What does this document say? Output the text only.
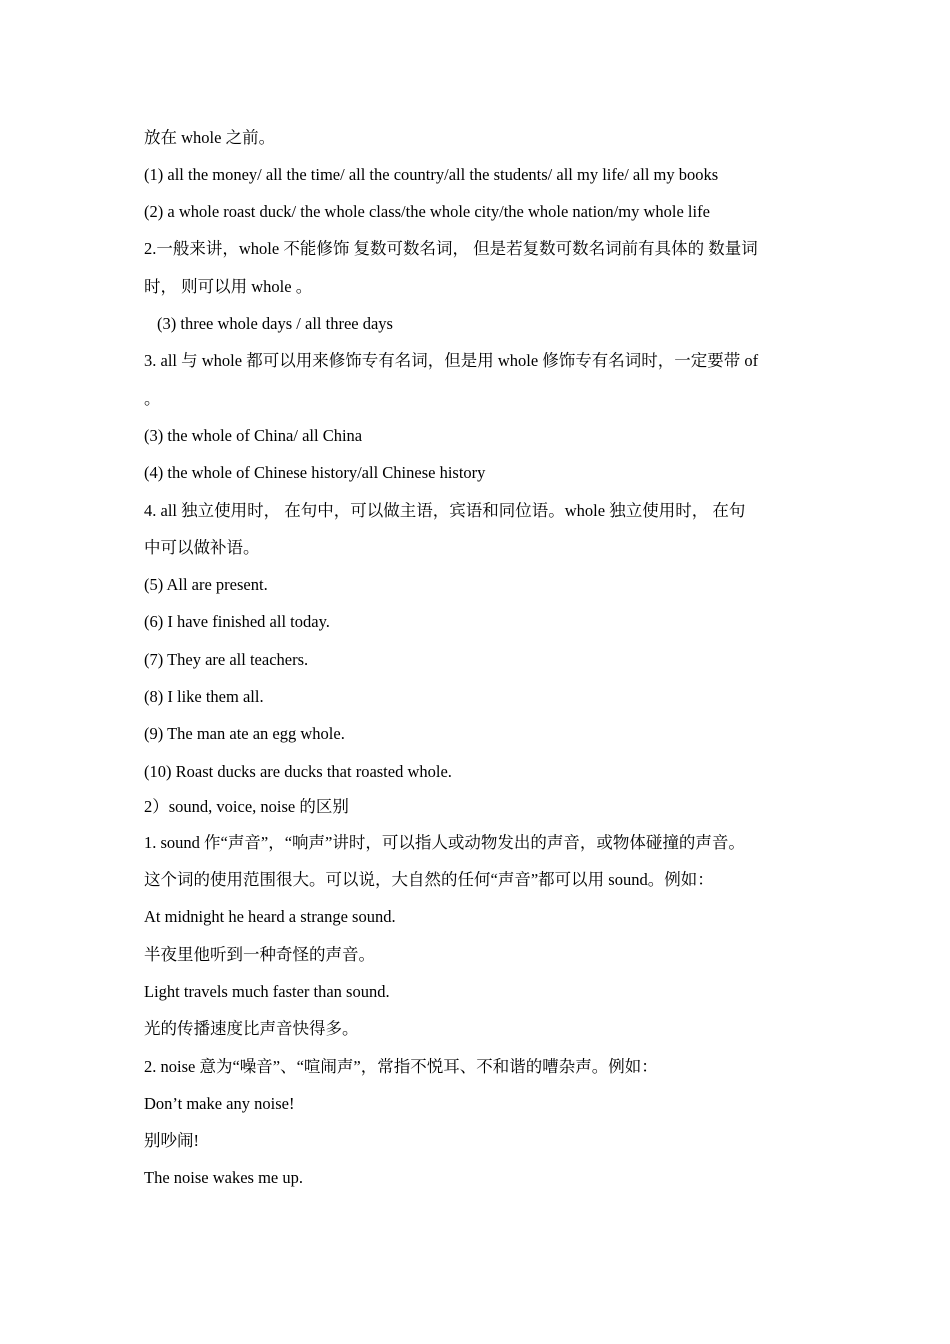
放在 whole 之前。
(1) all the money/ all the time/ all the country/all the students/ all my life/ all my books
(2) a whole roast duck/ the whole class/the whole city/the whole nation/my whole life
2.一般来讲，whole 不能修饰 复数可数名词， 但是若复数可数名词前有具体的 数量词
时， 则可以用 whole 。
(3) three whole days / all three days
3. all 与 whole 都可以用来修饰专有名词，但是用 whole 修饰专有名词时，一定要带 of
。
(3) the whole of China/ all China
(4) the whole of Chinese history/all Chinese history
4. all 独立使用时， 在句中，可以做主语，宾语和同位语。whole 独立使用时， 在句
中可以做补语。
(5) All are present.
(6) I have finished all today.
(7) They are all teachers.
(8) I like them all.
(9) The man ate an egg whole.
(10) Roast ducks are ducks that roasted whole.
2）sound, voice, noise 的区别
1. sound 作“声音”，“响声”讲时，可以指人或动物发出的声音，或物体碰撞的声音。
这个词的使用范围很大。可以说，大自然的任何“声音”都可以用 sound。例如：
At midnight he heard a strange sound.
半夜里他听到一种奇怪的声音。
Light travels much faster than sound.
光的传播速度比声音快得多。
2. noise 意为“噪音”、“喧闹声”，常指不悦耳、不和谐的嘈杂声。例如：
Don’t make any noise!
别吵闹!
The noise wakes me up.
